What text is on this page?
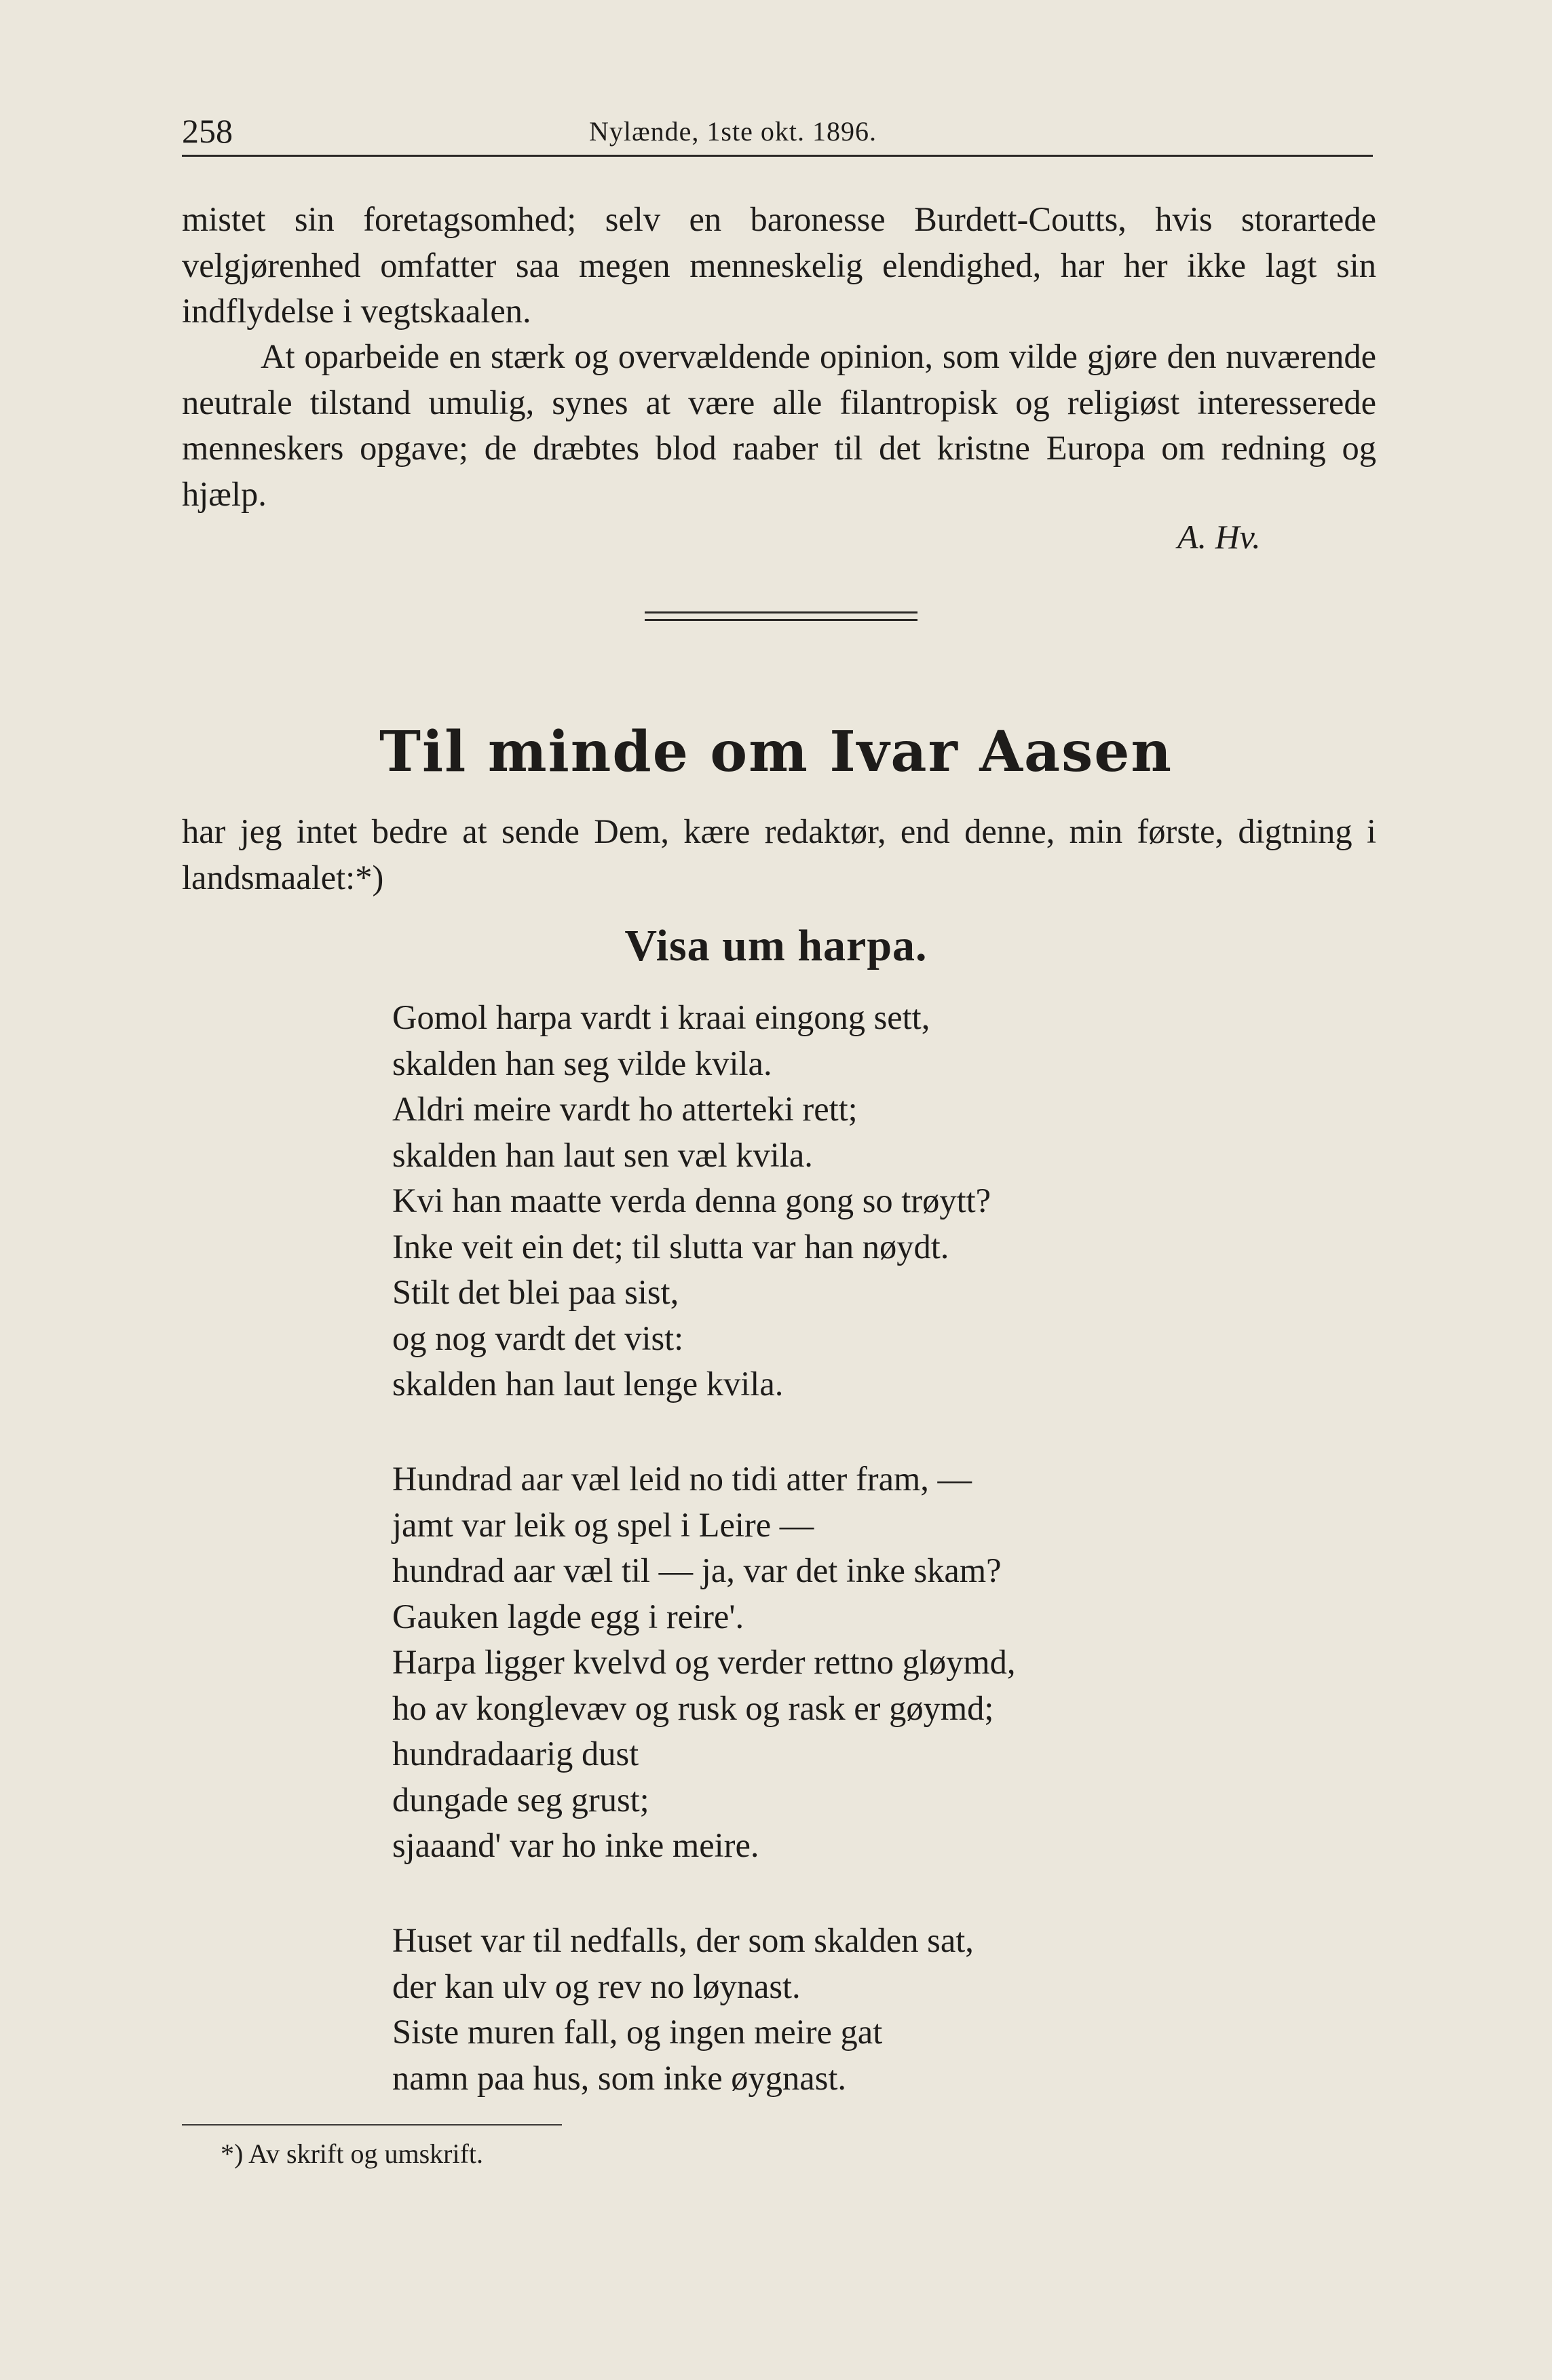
258	Nylænde, 1ste okt. 1896.

mistet sin foretagsomhed; selv en baronesse Burdett-Coutts, hvis storartede velgjørenhed omfatter saa megen menneskelig elendighed, har her ikke lagt sin indflydelse i vegtskaalen.

At oparbeide en stærk og overvældende opinion, som vilde gjøre den nuværende neutrale tilstand umulig, synes at være alle filantropisk og religiøst interesserede menneskers opgave; de dræbtes blod raaber til det kristne Europa om redning og hjælp.

A. Hv.
Til minde om Ivar Aasen

har jeg intet bedre at sende Dem, kære redaktør, end denne, min første, digtning i landsmaalet:*)

Visa um harpa.
Gomol harpa vardt i kraai eingong sett,
skalden han seg vilde kvila.
Aldri meire vardt ho atterteki rett;
skalden han laut sen væl kvila.
Kvi han maatte verda denna gong so trøytt?
Inke veit ein det; til slutta var han nøydt.
Stilt det blei paa sist,
og nog vardt det vist:
skalden han laut lenge kvila.
Hundrad aar væl leid no tidi atter fram, —
jamt var leik og spel i Leire —
hundrad aar væl til — ja, var det inke skam?
Gauken lagde egg i reire'.
Harpa ligger kvelvd og verder rettno gløymd,
ho av konglevæv og rusk og rask er gøymd;
hundradaarig dust
dungade seg grust;
sjaaand' var ho inke meire.
Huset var til nedfalls, der som skalden sat,
der kan ulv og rev no løynast.
Siste muren fall, og ingen meire gat
namn paa hus, som inke øygnast.
*) Av skrift og umskrift.
